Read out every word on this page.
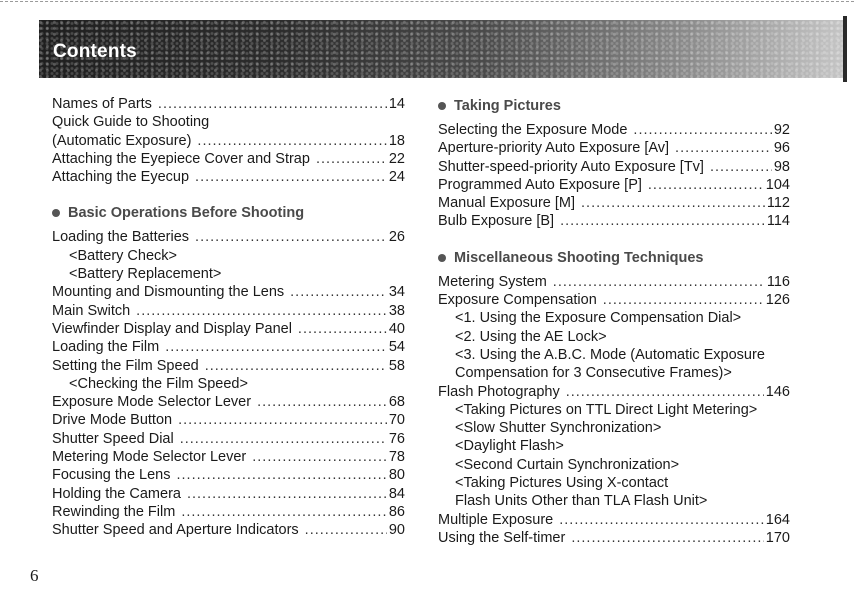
Contents
Names of Parts .....	14
Quick Guide to Shooting
(Automatic Exposure) .....	18
Attaching the Eyepiece Cover and Strap .....	22
Attaching the Eyecup .....	24
Basic Operations Before Shooting
Loading the Batteries .....	26
<Battery Check>
<Battery Replacement>
Mounting and Dismounting the Lens .....	34
Main Switch .....	38
Viewfinder Display and Display Panel .....	40
Loading the Film .....	54
Setting the Film Speed .....	58
<Checking the Film Speed>
Exposure Mode Selector Lever .....	68
Drive Mode Button .....	70
Shutter Speed Dial .....	76
Metering Mode Selector Lever .....	78
Focusing the Lens .....	80
Holding the Camera .....	84
Rewinding the Film .....	86
Shutter Speed and Aperture Indicators .....	90
Taking Pictures
Selecting the Exposure Mode .....	92
Aperture-priority Auto Exposure [Av] .....	96
Shutter-speed-priority Auto Exposure [Tv] .....	98
Programmed Auto Exposure [P] .....	104
Manual Exposure [M] .....	112
Bulb Exposure [B] .....	114
Miscellaneous Shooting Techniques
Metering System .....	116
Exposure Compensation .....	126
<1. Using the Exposure Compensation Dial>
<2. Using the AE Lock>
<3. Using the A.B.C. Mode (Automatic Exposure
Compensation for 3 Consecutive Frames)>
Flash Photography .....	146
<Taking Pictures on TTL Direct Light Metering>
<Slow Shutter Synchronization>
<Daylight Flash>
<Second Curtain Synchronization>
<Taking Pictures Using X-contact
Flash Units Other than TLA Flash Unit>
Multiple Exposure .....	164
Using the Self-timer .....	170
6
